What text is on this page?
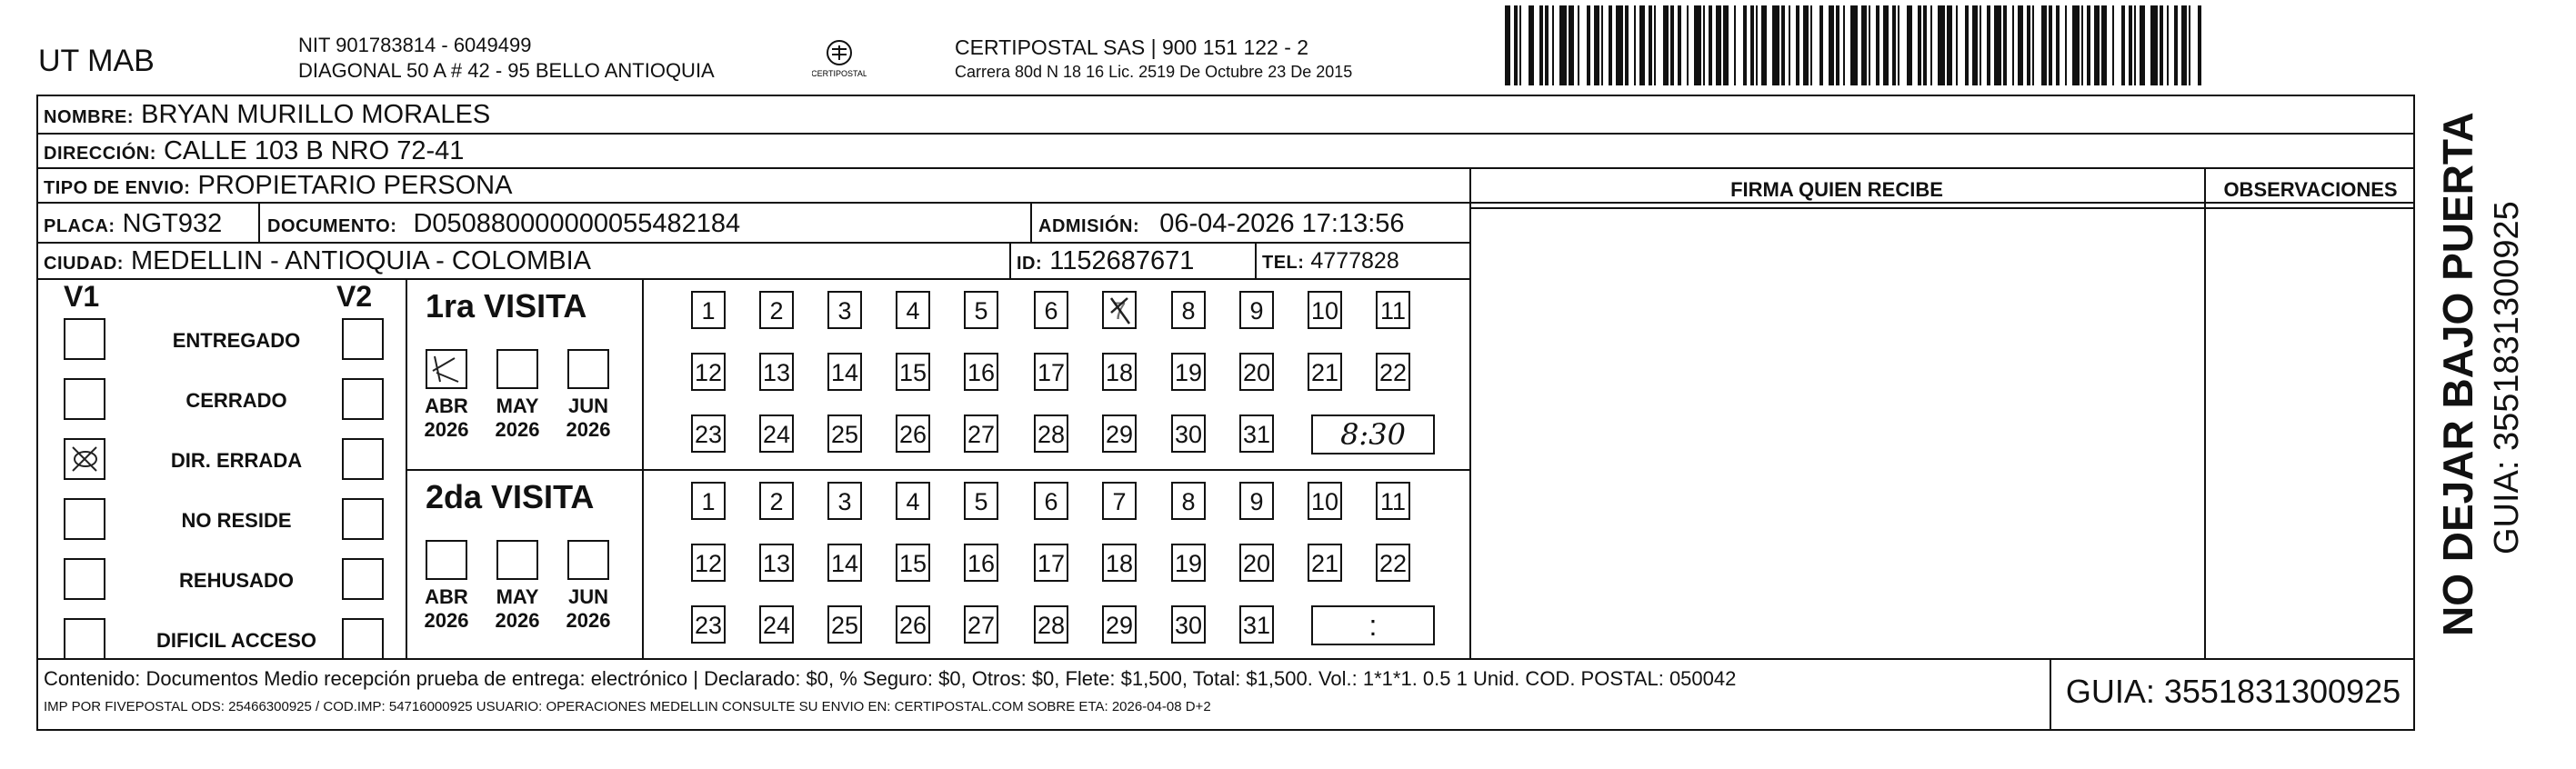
UT MAB	NIT 901783814 - 6049499
DIAGONAL 50 A # 42 - 95 BELLO ANTIOQUIA	CERTIPOSTAL
CERTIPOSTAL SAS | 900 151 122 - 2
Carrera 80d N 18 16 Lic. 2519 De Octubre 23 De 2015
NOMBRE: BRYAN MURILLO MORALES
DIRECCIÓN: CALLE 103 B NRO 72-41
TIPO DE ENVIO: PROPIETARIO PERSONA
PLACA: NGT932 DOCUMENTO: D050880000000055482184	ADMISIÓN: 06-04-2026 17:13:56
CIUDAD: MEDELLIN - ANTIOQUIA - COLOMBIA	ID: 1152687671	TEL: 4777828
FIRMA QUIEN RECIBE	OBSERVACIONES
V1	V2
ENTREGADO
CERRADO
DIR. ERRADA
NO RESIDE
REHUSADO
DIFICIL ACCESO
1ra VISITA
ABR
2026
MAY
2026
JUN
2026
1	2	3	4	5	6	7	8	9	10 11
12 13 14 15 16 17 18 19 20 21 22
23 24 25 26 27 28 29 30 31	8:30
2da VISITA
ABR
2026
MAY
2026
JUN
2026
1	2	3	4	5	6	7	8	9	10 11
12 13 14 15 16 17 18 19 20 21 22
23 24 25 26 27 28 29 30 31	:	NO DEJAR BAJO PUERTA GUIA: 3551831300925
Contenido: Documentos Medio recepción prueba de entrega: electrónico | Declarado: $0, % Seguro: $0, Otros: $0, Flete: $1,500, Total: $1,500. Vol.: 1*1*1. 0.5 1 Unid. COD. POSTAL: 050042
IMP POR FIVEPOSTAL ODS: 25466300925 / COD.IMP: 54716000925 USUARIO: OPERACIONES MEDELLIN CONSULTE SU ENVIO EN: CERTIPOSTAL.COM SOBRE ETA: 2026-04-08 D+2	GUIA: 3551831300925
